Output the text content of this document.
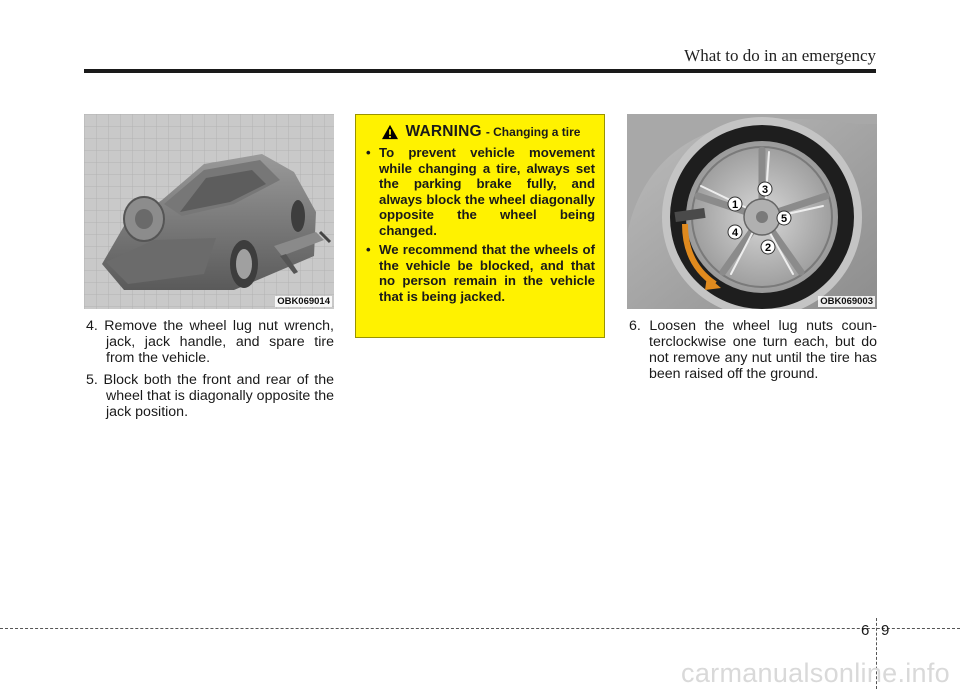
What to do in an emergency
OBK069014
1
2
3
4
5
OBK069003

4. Remove the wheel lug nut wrench, jack, jack handle, and spare tire from the vehicle.

5. Block both the front and rear of the wheel that is diagonally opposite the jack position.

WARNING - Changing a tire

• To prevent vehicle movement while changing a tire, always set the parking brake fully, and always block the wheel diagonally opposite the wheel being changed.

• We recommend that the wheels of the vehicle be blocked, and that no person remain in the vehicle that is being jacked.

6. Loosen the wheel lug nuts coun-terclockwise one turn each, but do not remove any nut until the tire has been raised off the ground.

6 9
carmanualsonline.info
